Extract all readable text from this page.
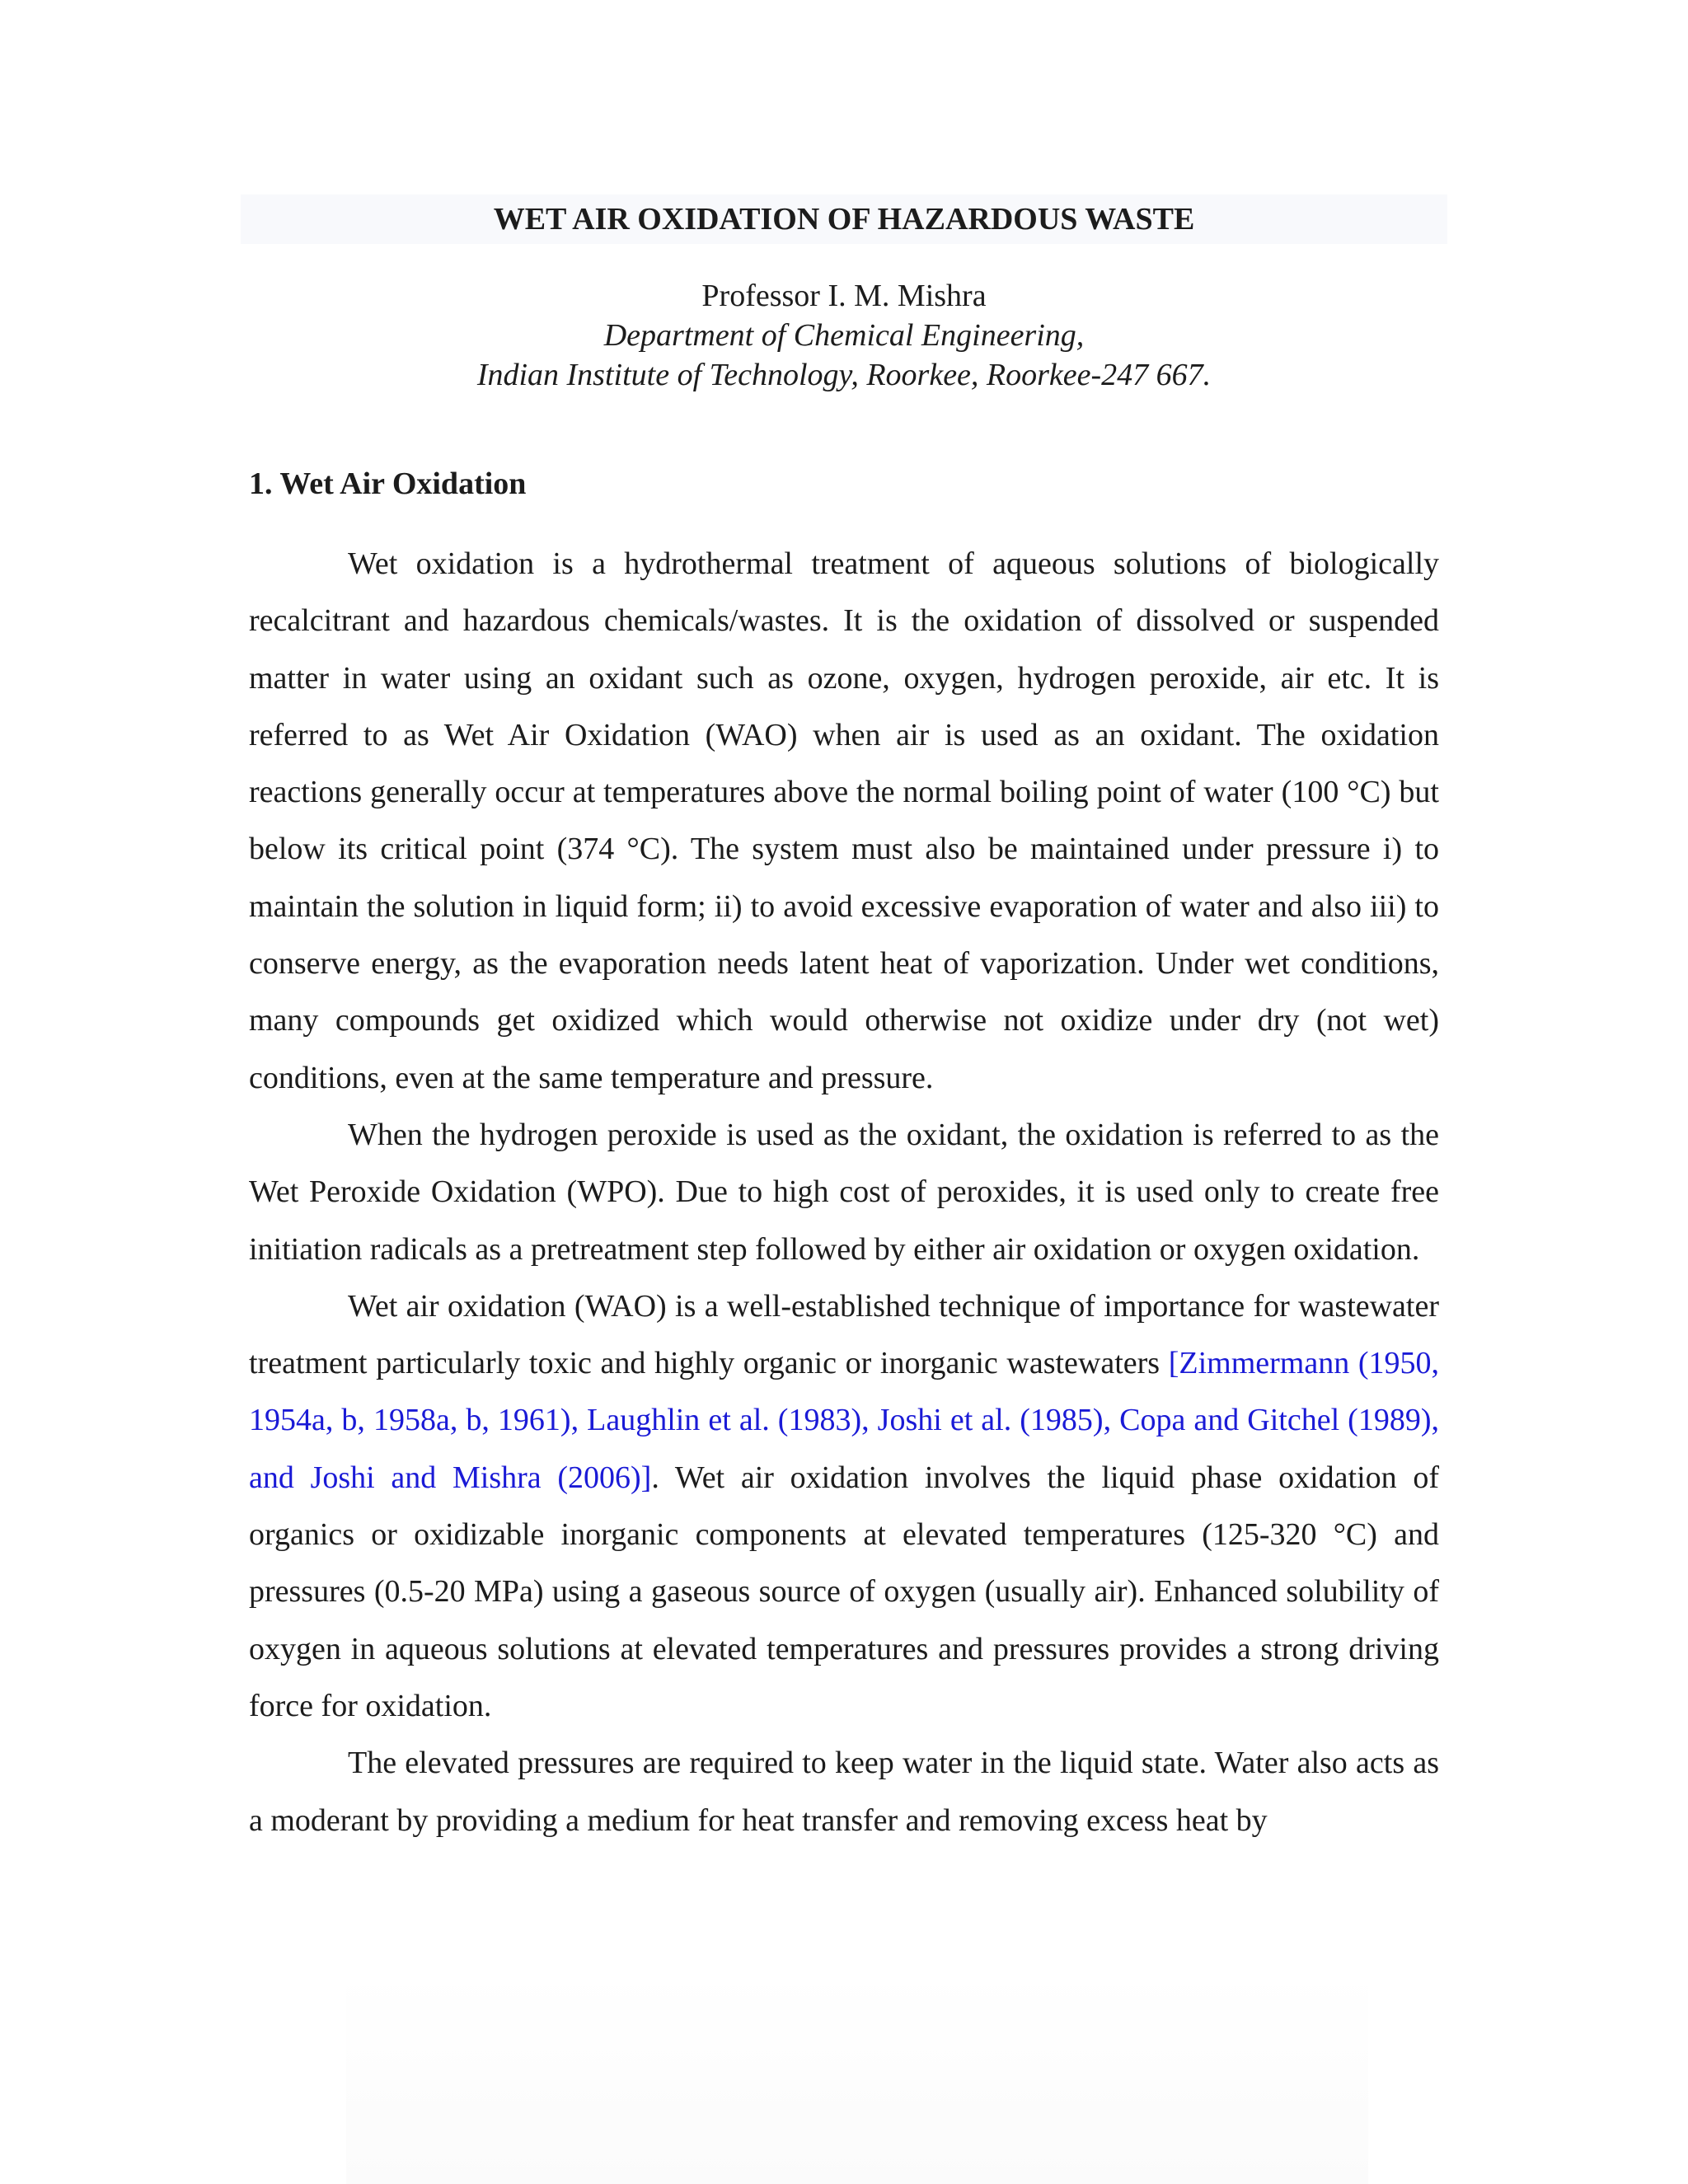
WET AIR OXIDATION OF HAZARDOUS WASTE
Professor I. M. Mishra
Department of Chemical Engineering,
Indian Institute of Technology, Roorkee, Roorkee-247 667.
1. Wet Air Oxidation

Wet oxidation is a hydrothermal treatment of aqueous solutions of biologically recalcitrant and hazardous chemicals/wastes. It is the oxidation of dissolved or suspended matter in water using an oxidant such as ozone, oxygen, hydrogen peroxide, air etc. It is referred to as Wet Air Oxidation (WAO) when air is used as an oxidant. The oxidation reactions generally occur at temperatures above the normal boiling point of water (100 °C) but below its critical point (374 °C). The system must also be maintained under pressure i) to maintain the solution in liquid form; ii) to avoid excessive evaporation of water and also iii) to conserve energy, as the evaporation needs latent heat of vaporization. Under wet conditions, many compounds get oxidized which would otherwise not oxidize under dry (not wet) conditions, even at the same temperature and pressure.

When the hydrogen peroxide is used as the oxidant, the oxidation is referred to as the Wet Peroxide Oxidation (WPO). Due to high cost of peroxides, it is used only to create free initiation radicals as a pretreatment step followed by either air oxidation or oxygen oxidation.

Wet air oxidation (WAO) is a well-established technique of importance for wastewater treatment particularly toxic and highly organic or inorganic wastewaters [Zimmermann (1950, 1954a, b, 1958a, b, 1961), Laughlin et al. (1983), Joshi et al. (1985), Copa and Gitchel (1989), and Joshi and Mishra (2006)]. Wet air oxidation involves the liquid phase oxidation of organics or oxidizable inorganic components at elevated temperatures (125-320 °C) and pressures (0.5-20 MPa) using a gaseous source of oxygen (usually air). Enhanced solubility of oxygen in aqueous solutions at elevated temperatures and pressures provides a strong driving force for oxidation.

The elevated pressures are required to keep water in the liquid state. Water also acts as a moderant by providing a medium for heat transfer and removing excess heat by
